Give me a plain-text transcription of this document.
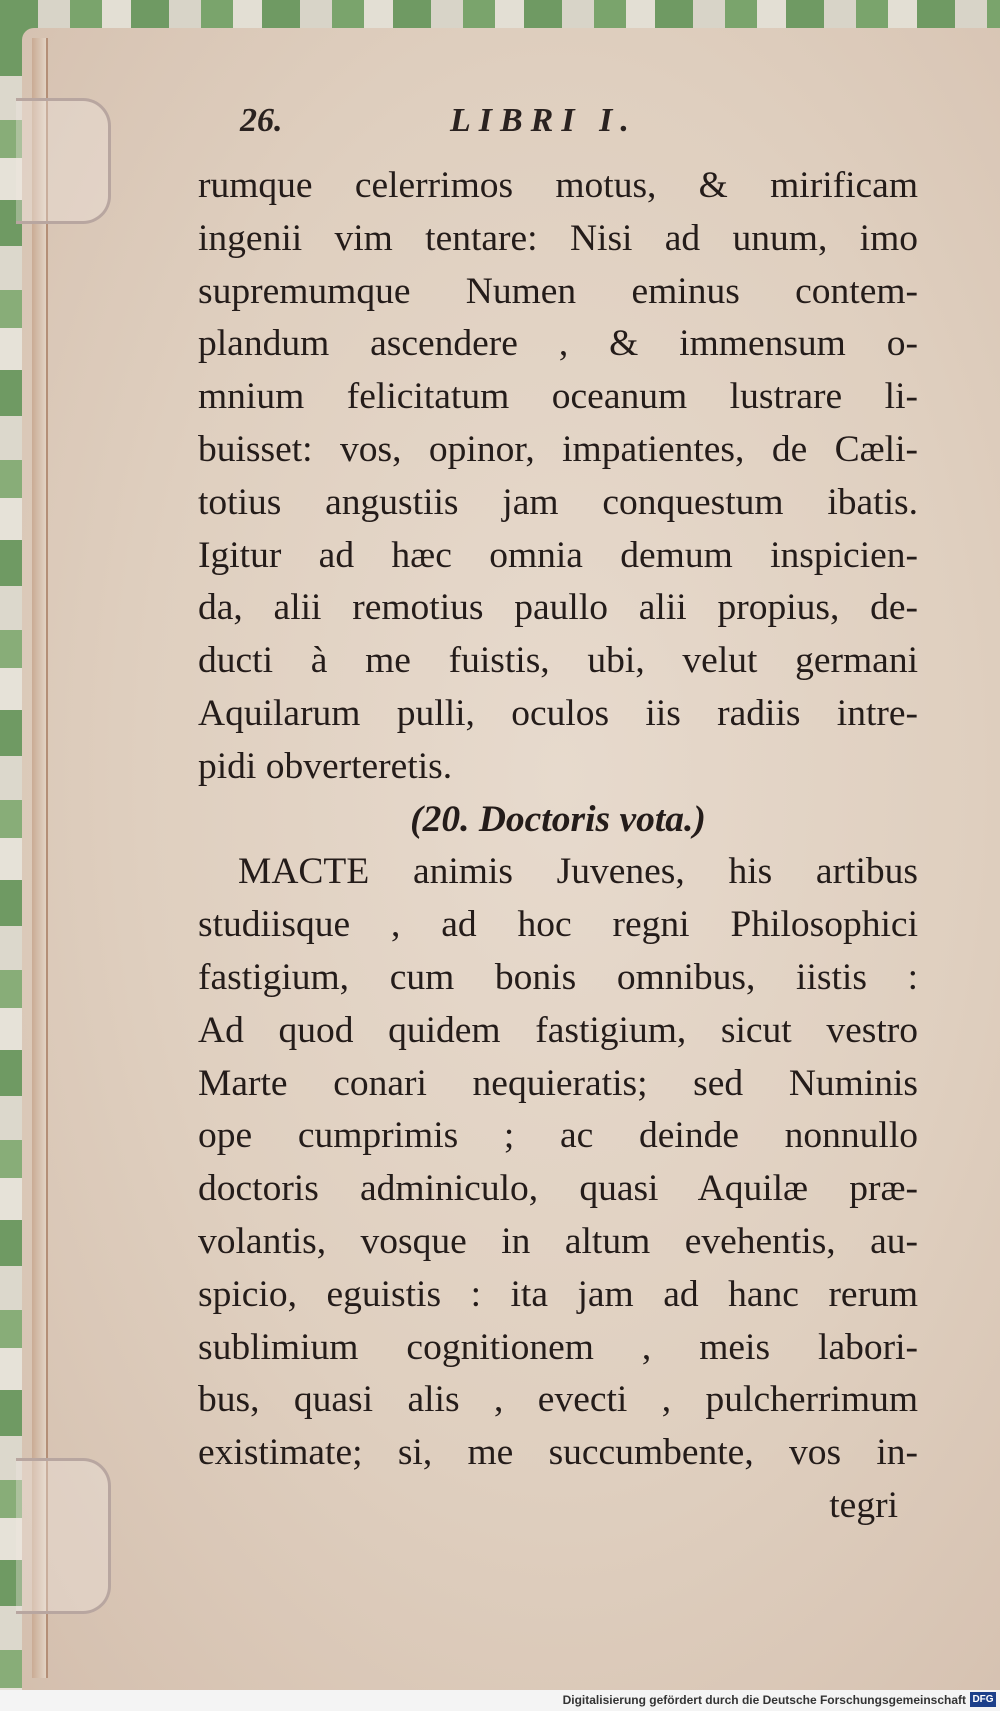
26.	LIBRI I.
rumque celerrimos motus, & mirificam
ingenii vim tentare: Nisi ad unum, imo
supremumque Numen eminus contem-
plandum ascendere , & immensum o-
mnium felicitatum oceanum lustrare li-
buisset: vos, opinor, impatientes, de Cæli-
totius angustiis jam conquestum ibatis.
Igitur ad hæc omnia demum inspicien-
da, alii remotius paullo alii propius, de-
ducti à me fuistis, ubi, velut germani
Aquilarum pulli, oculos iis radiis intre-
pidi obverteretis.
(20. Doctoris vota.)
MACTE animis Juvenes, his artibus
studiisque , ad hoc regni Philosophici
fastigium, cum bonis omnibus, iistis :
Ad quod quidem fastigium, sicut vestro
Marte conari nequieratis; sed Numinis
ope cumprimis ; ac deinde nonnullo
doctoris adminiculo, quasi Aquilæ præ-
volantis, vosque in altum evehentis, au-
spicio, eguistis : ita jam ad hanc rerum
sublimium cognitionem , meis labori-
bus, quasi alis , evecti , pulcherrimum
existimate; si, me succumbente, vos in-
tegri
Digitalisierung gefördert durch die Deutsche Forschungsgemeinschaft DFG
